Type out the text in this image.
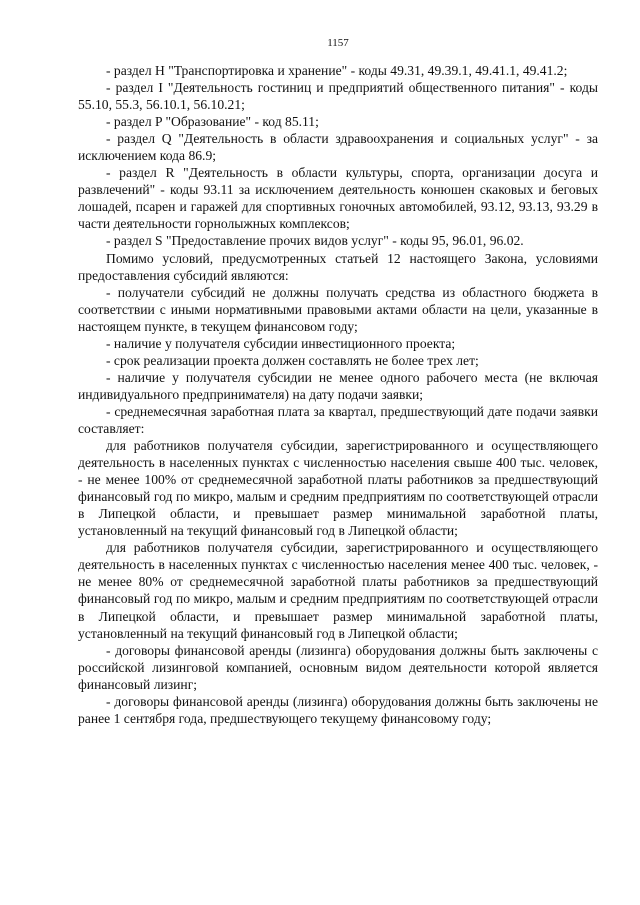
1157

- раздел H "Транспортировка и хранение" - коды 49.31, 49.39.1, 49.41.1, 49.41.2;

- раздел I "Деятельность гостиниц и предприятий общественного питания" - коды 55.10, 55.3, 56.10.1, 56.10.21;

- раздел P "Образование" - код 85.11;

- раздел Q "Деятельность в области здравоохранения и социальных услуг" - за исключением кода 86.9;

- раздел R "Деятельность в области культуры, спорта, организации досуга и развлечений" - коды 93.11 за исключением деятельность конюшен скаковых и беговых лошадей, псарен и гаражей для спортивных гоночных автомобилей, 93.12, 93.13, 93.29 в части деятельности горнолыжных комплексов;

- раздел S "Предоставление прочих видов услуг" - коды 95, 96.01, 96.02.

Помимо условий, предусмотренных статьей 12 настоящего Закона, условиями предоставления субсидий являются:

- получатели субсидий не должны получать средства из областного бюджета в соответствии с иными нормативными правовыми актами области на цели, указанные в настоящем пункте, в текущем финансовом году;

- наличие у получателя субсидии инвестиционного проекта;

- срок реализации проекта должен составлять не более трех лет;

- наличие у получателя субсидии не менее одного рабочего места (не включая индивидуального предпринимателя) на дату подачи заявки;

- среднемесячная заработная плата за квартал, предшествующий дате подачи заявки составляет:

для работников получателя субсидии, зарегистрированного и осуществляющего деятельность в населенных пунктах с численностью населения свыше 400 тыс. человек, - не менее 100% от среднемесячной заработной платы работников за предшествующий финансовый год по микро, малым и средним предприятиям по соответствующей отрасли в Липецкой области, и превышает размер минимальной заработной платы, установленный на текущий финансовый год в Липецкой области;

для работников получателя субсидии, зарегистрированного и осуществляющего деятельность в населенных пунктах с численностью населения менее 400 тыс. человек, - не менее 80% от среднемесячной заработной платы работников за предшествующий финансовый год по микро, малым и средним предприятиям по соответствующей отрасли в Липецкой области, и превышает размер минимальной заработной платы, установленный на текущий финансовый год в Липецкой области;

- договоры финансовой аренды (лизинга) оборудования должны быть заключены с российской лизинговой компанией, основным видом деятельности которой является финансовый лизинг;

- договоры финансовой аренды (лизинга) оборудования должны быть заключены не ранее 1 сентября года, предшествующего текущему финансовому году;
